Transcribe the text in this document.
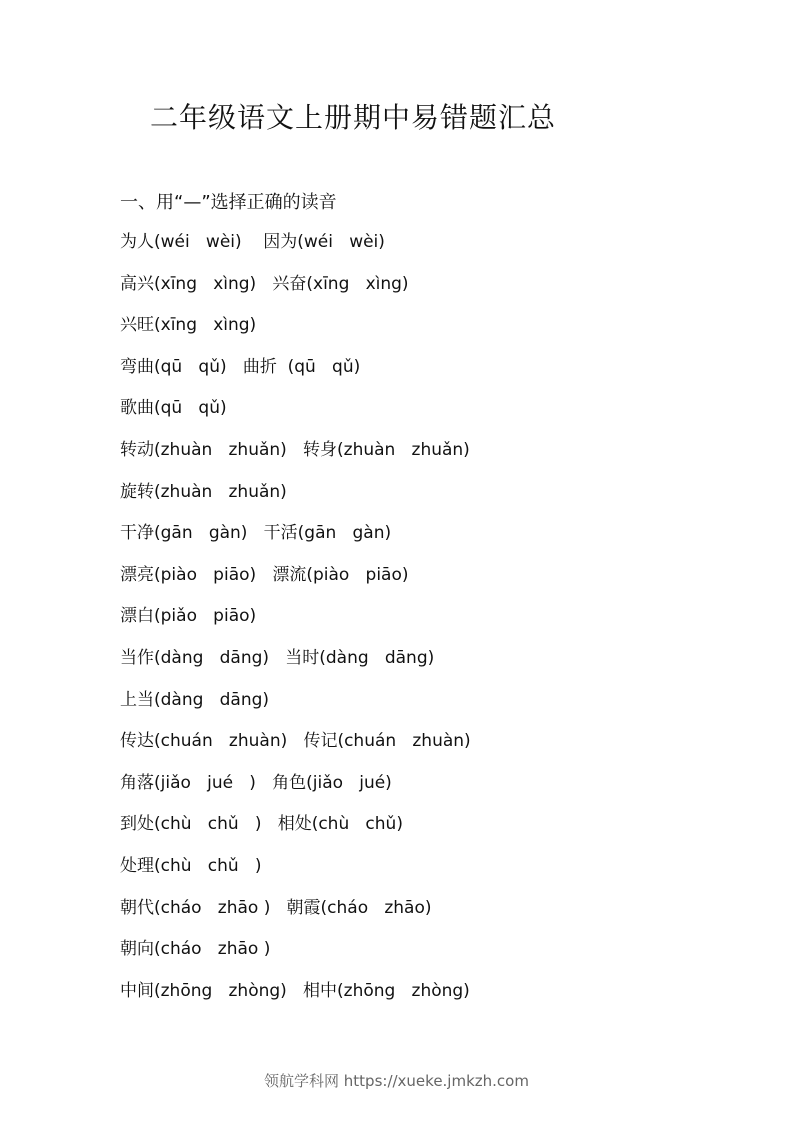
二年级语文上册期中易错题汇总
一、用“—”选择正确的读音
为人(wéi   wèi)    因为(wéi   wèi)
高兴(xīng   xìng)   兴奋(xīng   xìng)
兴旺(xīng   xìng)
弯曲(qū   qǔ)   曲折  (qū   qǔ)
歌曲(qū   qǔ)
转动(zhuàn   zhuǎn)   转身(zhuàn   zhuǎn)
旋转(zhuàn   zhuǎn)
干净(gān   gàn)   干活(gān   gàn)
漂亮(piào   piāo)   漂流(piào   piāo)
漂白(piǎo   piāo)
当作(dàng   dāng)   当时(dàng   dāng)
上当(dàng   dāng)
传达(chuán   zhuàn)   传记(chuán   zhuàn)
角落(jiǎo   jué   )   角色(jiǎo   jué)
到处(chù   chǔ   )   相处(chù   chǔ)
处理(chù   chǔ   )
朝代(cháo   zhāo )   朝霞(cháo   zhāo)
朝向(cháo   zhāo )
中间(zhōng   zhòng)   相中(zhōng   zhòng)
领航学科网 https://xueke.jmkzh.com
